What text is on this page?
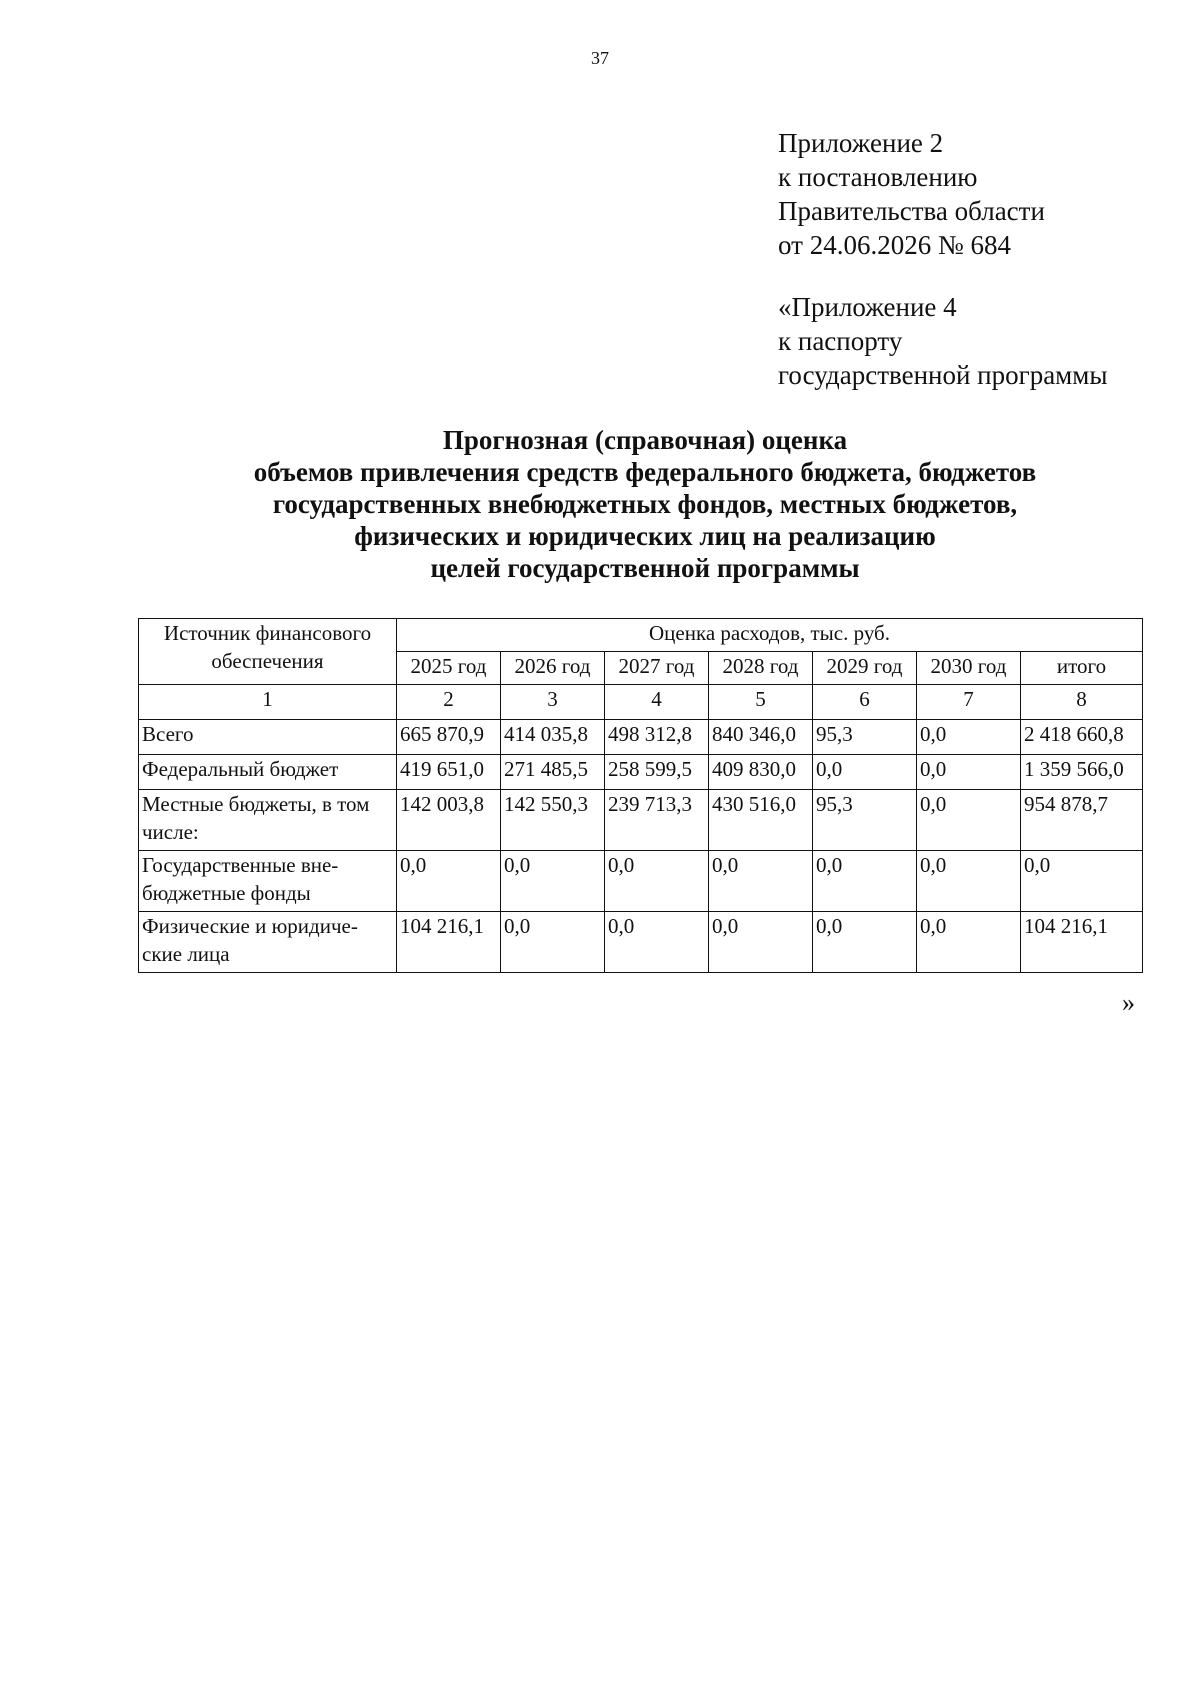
37
Приложение 2
к постановлению
Правительства области
от 24.06.2026 № 684
«Приложение 4
к паспорту
государственной программы
Прогнозная (справочная) оценка
объемов привлечения средств федерального бюджета, бюджетов
государственных внебюджетных фондов, местных бюджетов,
физических и юридических лиц на реализацию
целей государственной программы
Источник финансового обеспечения	Оценка расходов, тыс. руб.						
	2025 год	2026 год	2027 год	2028 год	2029 год	2030 год	итого
1	2	3	4	5	6	7	8
Всего	665 870,9	414 035,8	498 312,8	840 346,0	95,3	0,0	2 418 660,8
Федеральный бюджет	419 651,0	271 485,5	258 599,5	409 830,0	0,0	0,0	1 359 566,0
Местные бюджеты, в том числе:	142 003,8	142 550,3	239 713,3	430 516,0	95,3	0,0	954 878,7
Государственные вне-бюджетные фонды	0,0	0,0	0,0	0,0	0,0	0,0	0,0
Физические и юридиче-ские лица	104 216,1	0,0	0,0	0,0	0,0	0,0	104 216,1
»
